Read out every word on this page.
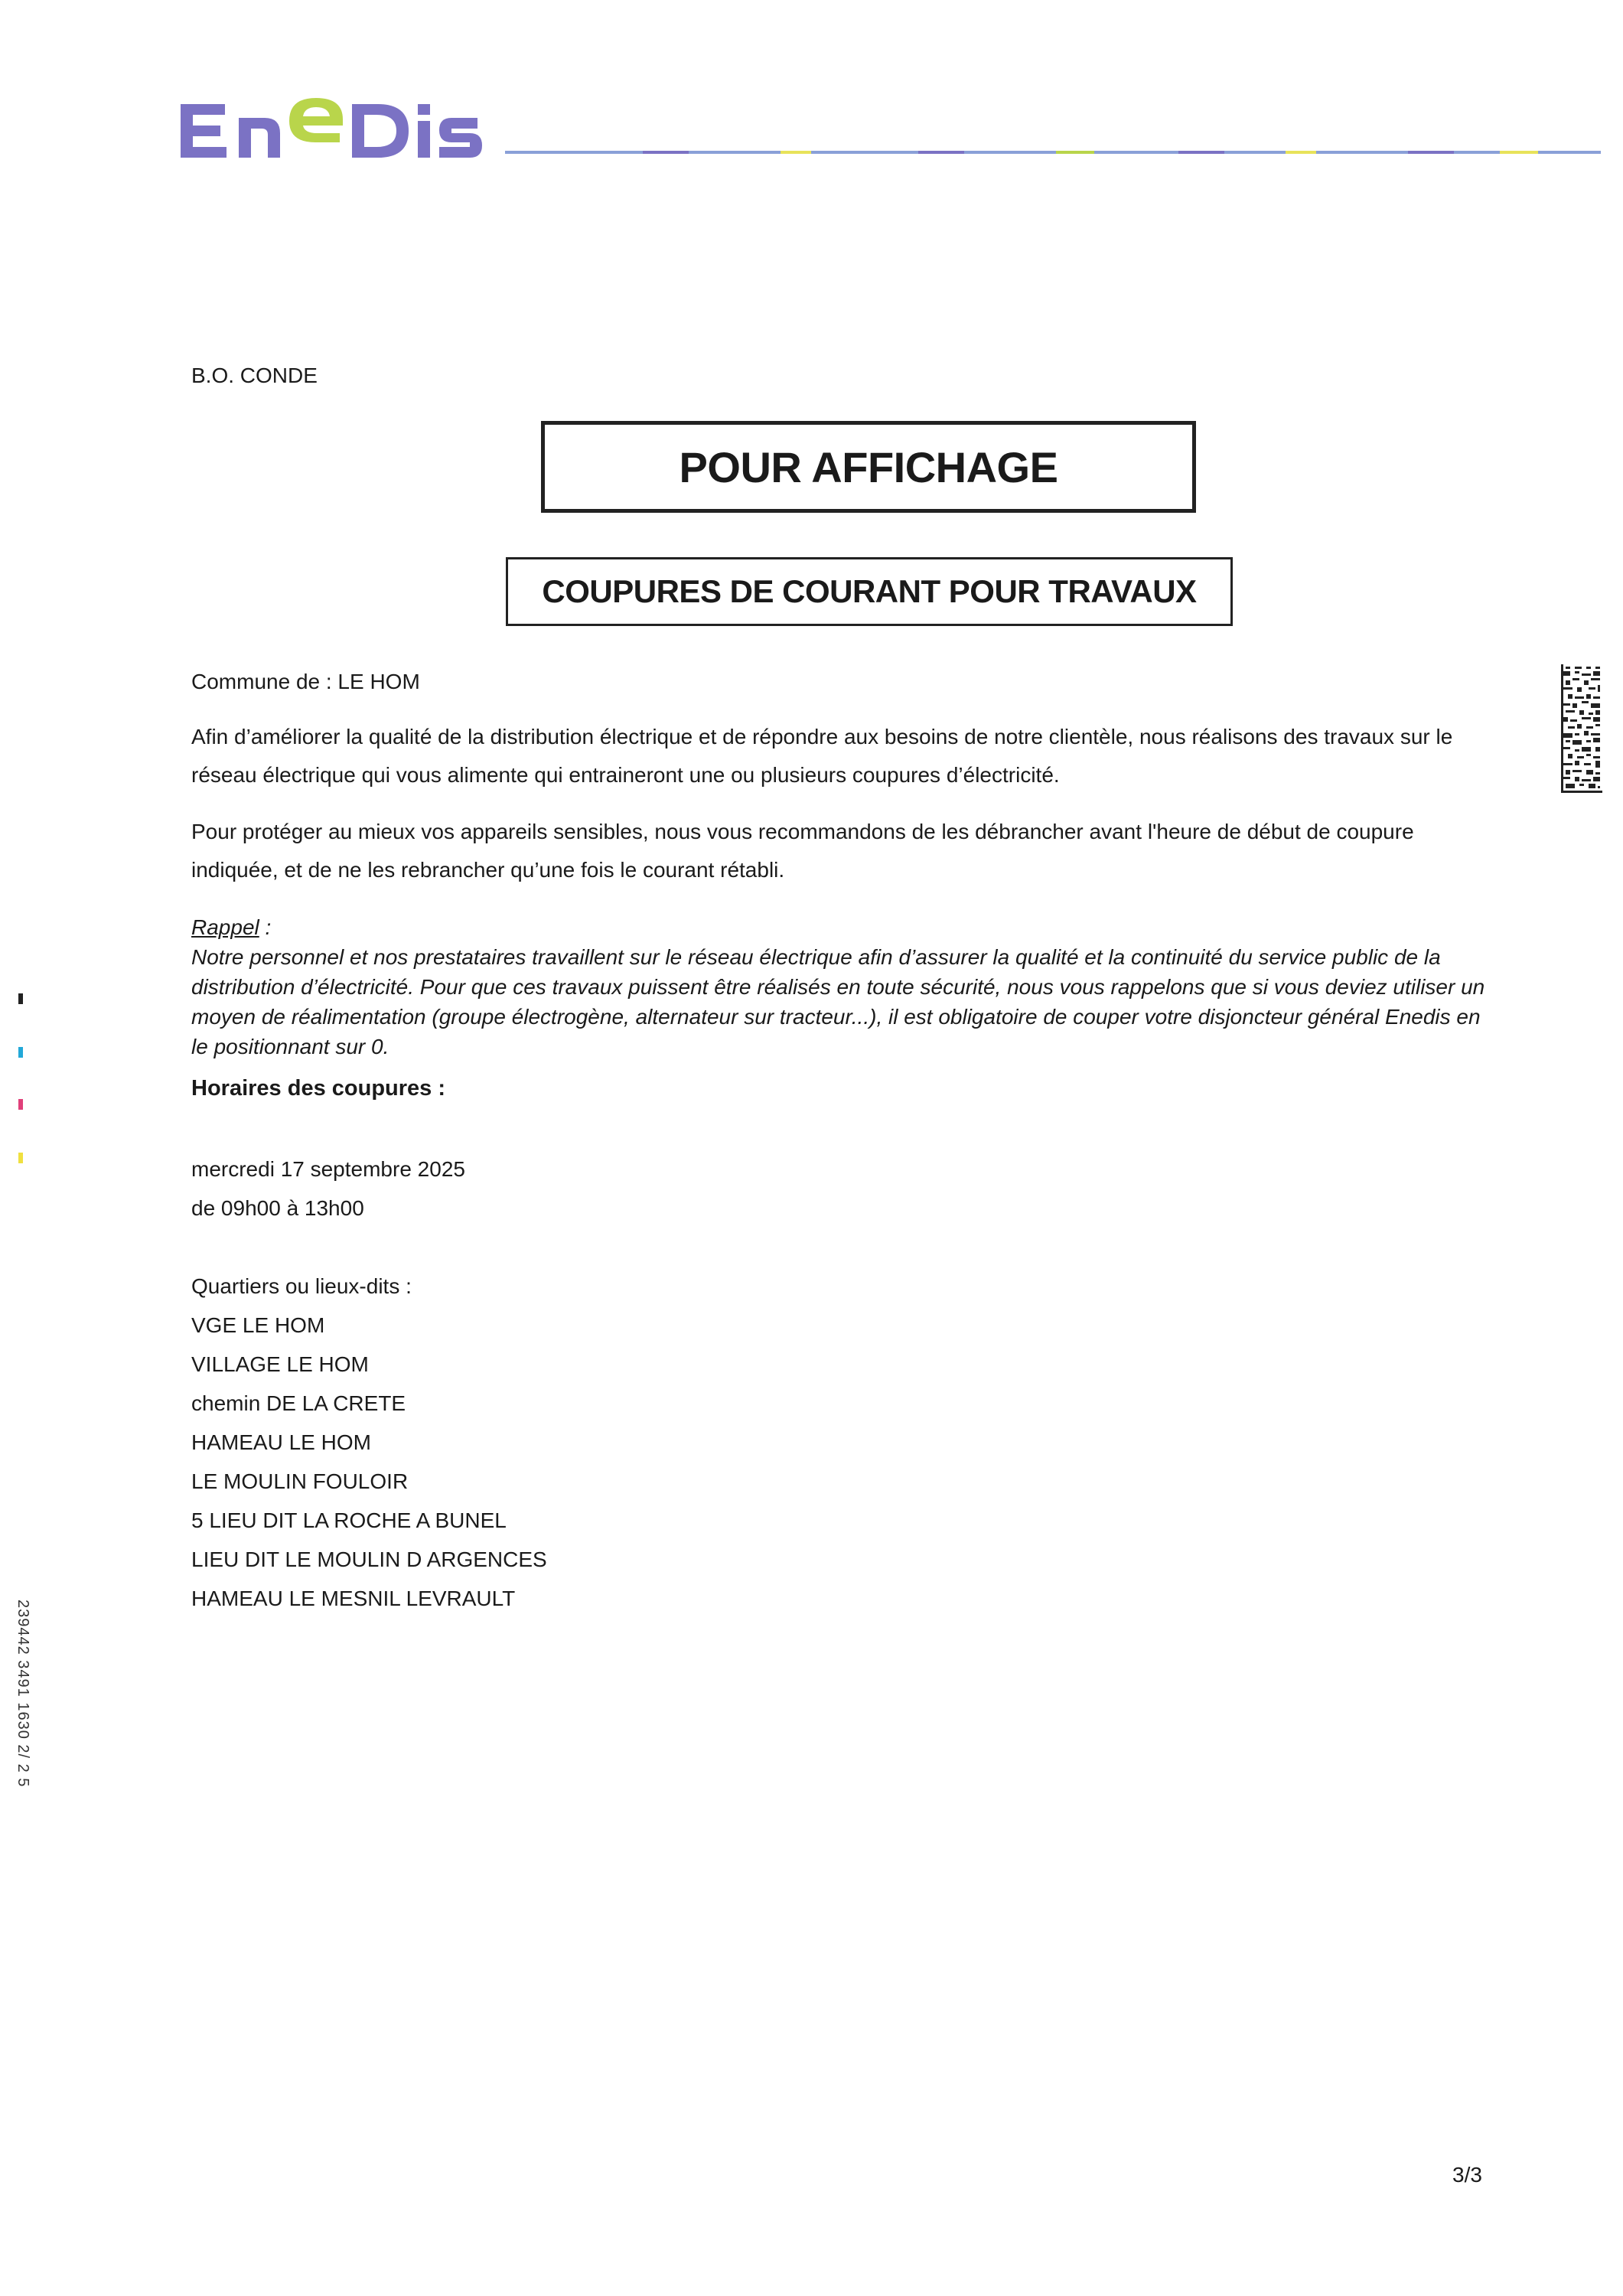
B.O. CONDE
POUR AFFICHAGE
COUPURES DE COURANT POUR TRAVAUX
Commune de : LE HOM
Afin d’améliorer la qualité de la distribution électrique et de répondre aux besoins de notre clientèle, nous réalisons des travaux sur le réseau électrique qui vous alimente qui entraineront une ou plusieurs coupures d’électricité.
Pour protéger au mieux vos appareils sensibles, nous vous recommandons de les débrancher avant l'heure de début de coupure indiquée, et de ne les rebrancher qu’une fois le courant rétabli.
Rappel :
Notre personnel et nos prestataires travaillent sur le réseau électrique afin d’assurer la qualité et la continuité du service public de la distribution d’électricité. Pour que ces travaux puissent être réalisés en toute sécurité, nous vous rappelons que si vous deviez utiliser un moyen de réalimentation (groupe électrogène, alternateur sur tracteur...), il est obligatoire de couper votre disjoncteur général Enedis en le positionnant sur 0.
Horaires des coupures :
mercredi 17 septembre 2025
de 09h00 à 13h00
Quartiers ou lieux-dits :
VGE LE HOM
VILLAGE LE HOM
chemin DE LA CRETE
HAMEAU LE HOM
LE MOULIN FOULOIR
5 LIEU DIT LA ROCHE A BUNEL
LIEU DIT LE MOULIN D ARGENCES
HAMEAU LE MESNIL LEVRAULT
3/3
239442 3491 1630 2/ 2 5
